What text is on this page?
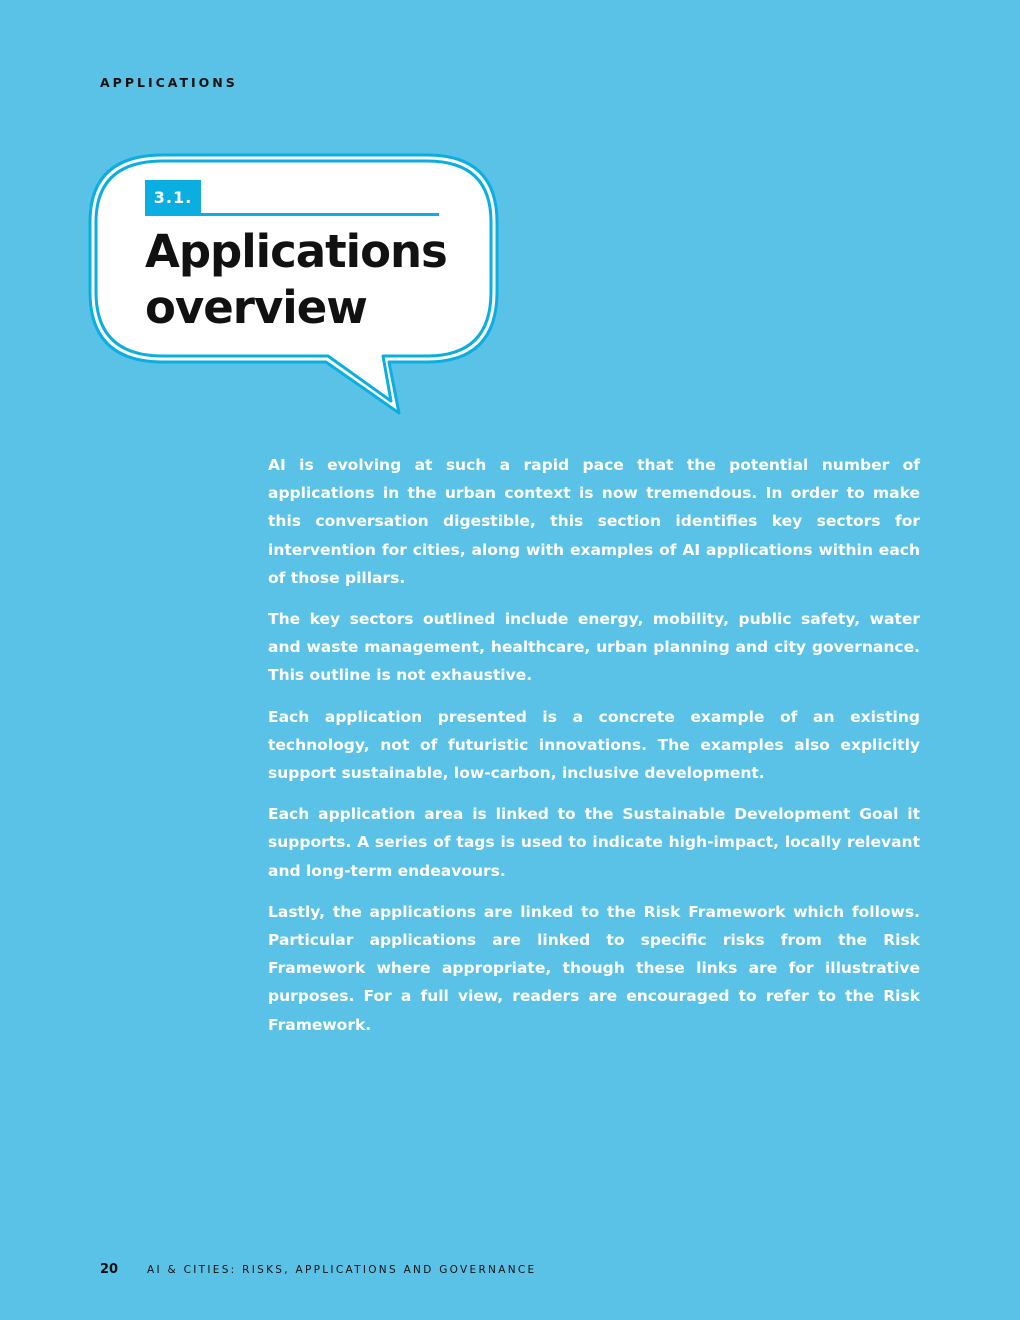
APPLICATIONS
3.1.
Applications overview

AI is evolving at such a rapid pace that the potential number of applications in the urban context is now tremendous. In order to make this conversation digestible, this section identifies key sectors for intervention for cities, along with examples of AI applications within each of those pillars.

The key sectors outlined include energy, mobility, public safety, water and waste management, healthcare, urban planning and city governance. This outline is not exhaustive.

Each application presented is a concrete example of an existing technology, not of futuristic innovations. The examples also explicitly support sustainable, low-carbon, inclusive development.

Each application area is linked to the Sustainable Development Goal it supports. A series of tags is used to indicate high-impact, locally relevant and long-term endeavours.

Lastly, the applications are linked to the Risk Framework which follows. Particular applications are linked to specific risks from the Risk Framework where appropriate, though these links are for illustrative purposes. For a full view, readers are encouraged to refer to the Risk Framework.

20	AI & CITIES: RISKS, APPLICATIONS AND GOVERNANCE
